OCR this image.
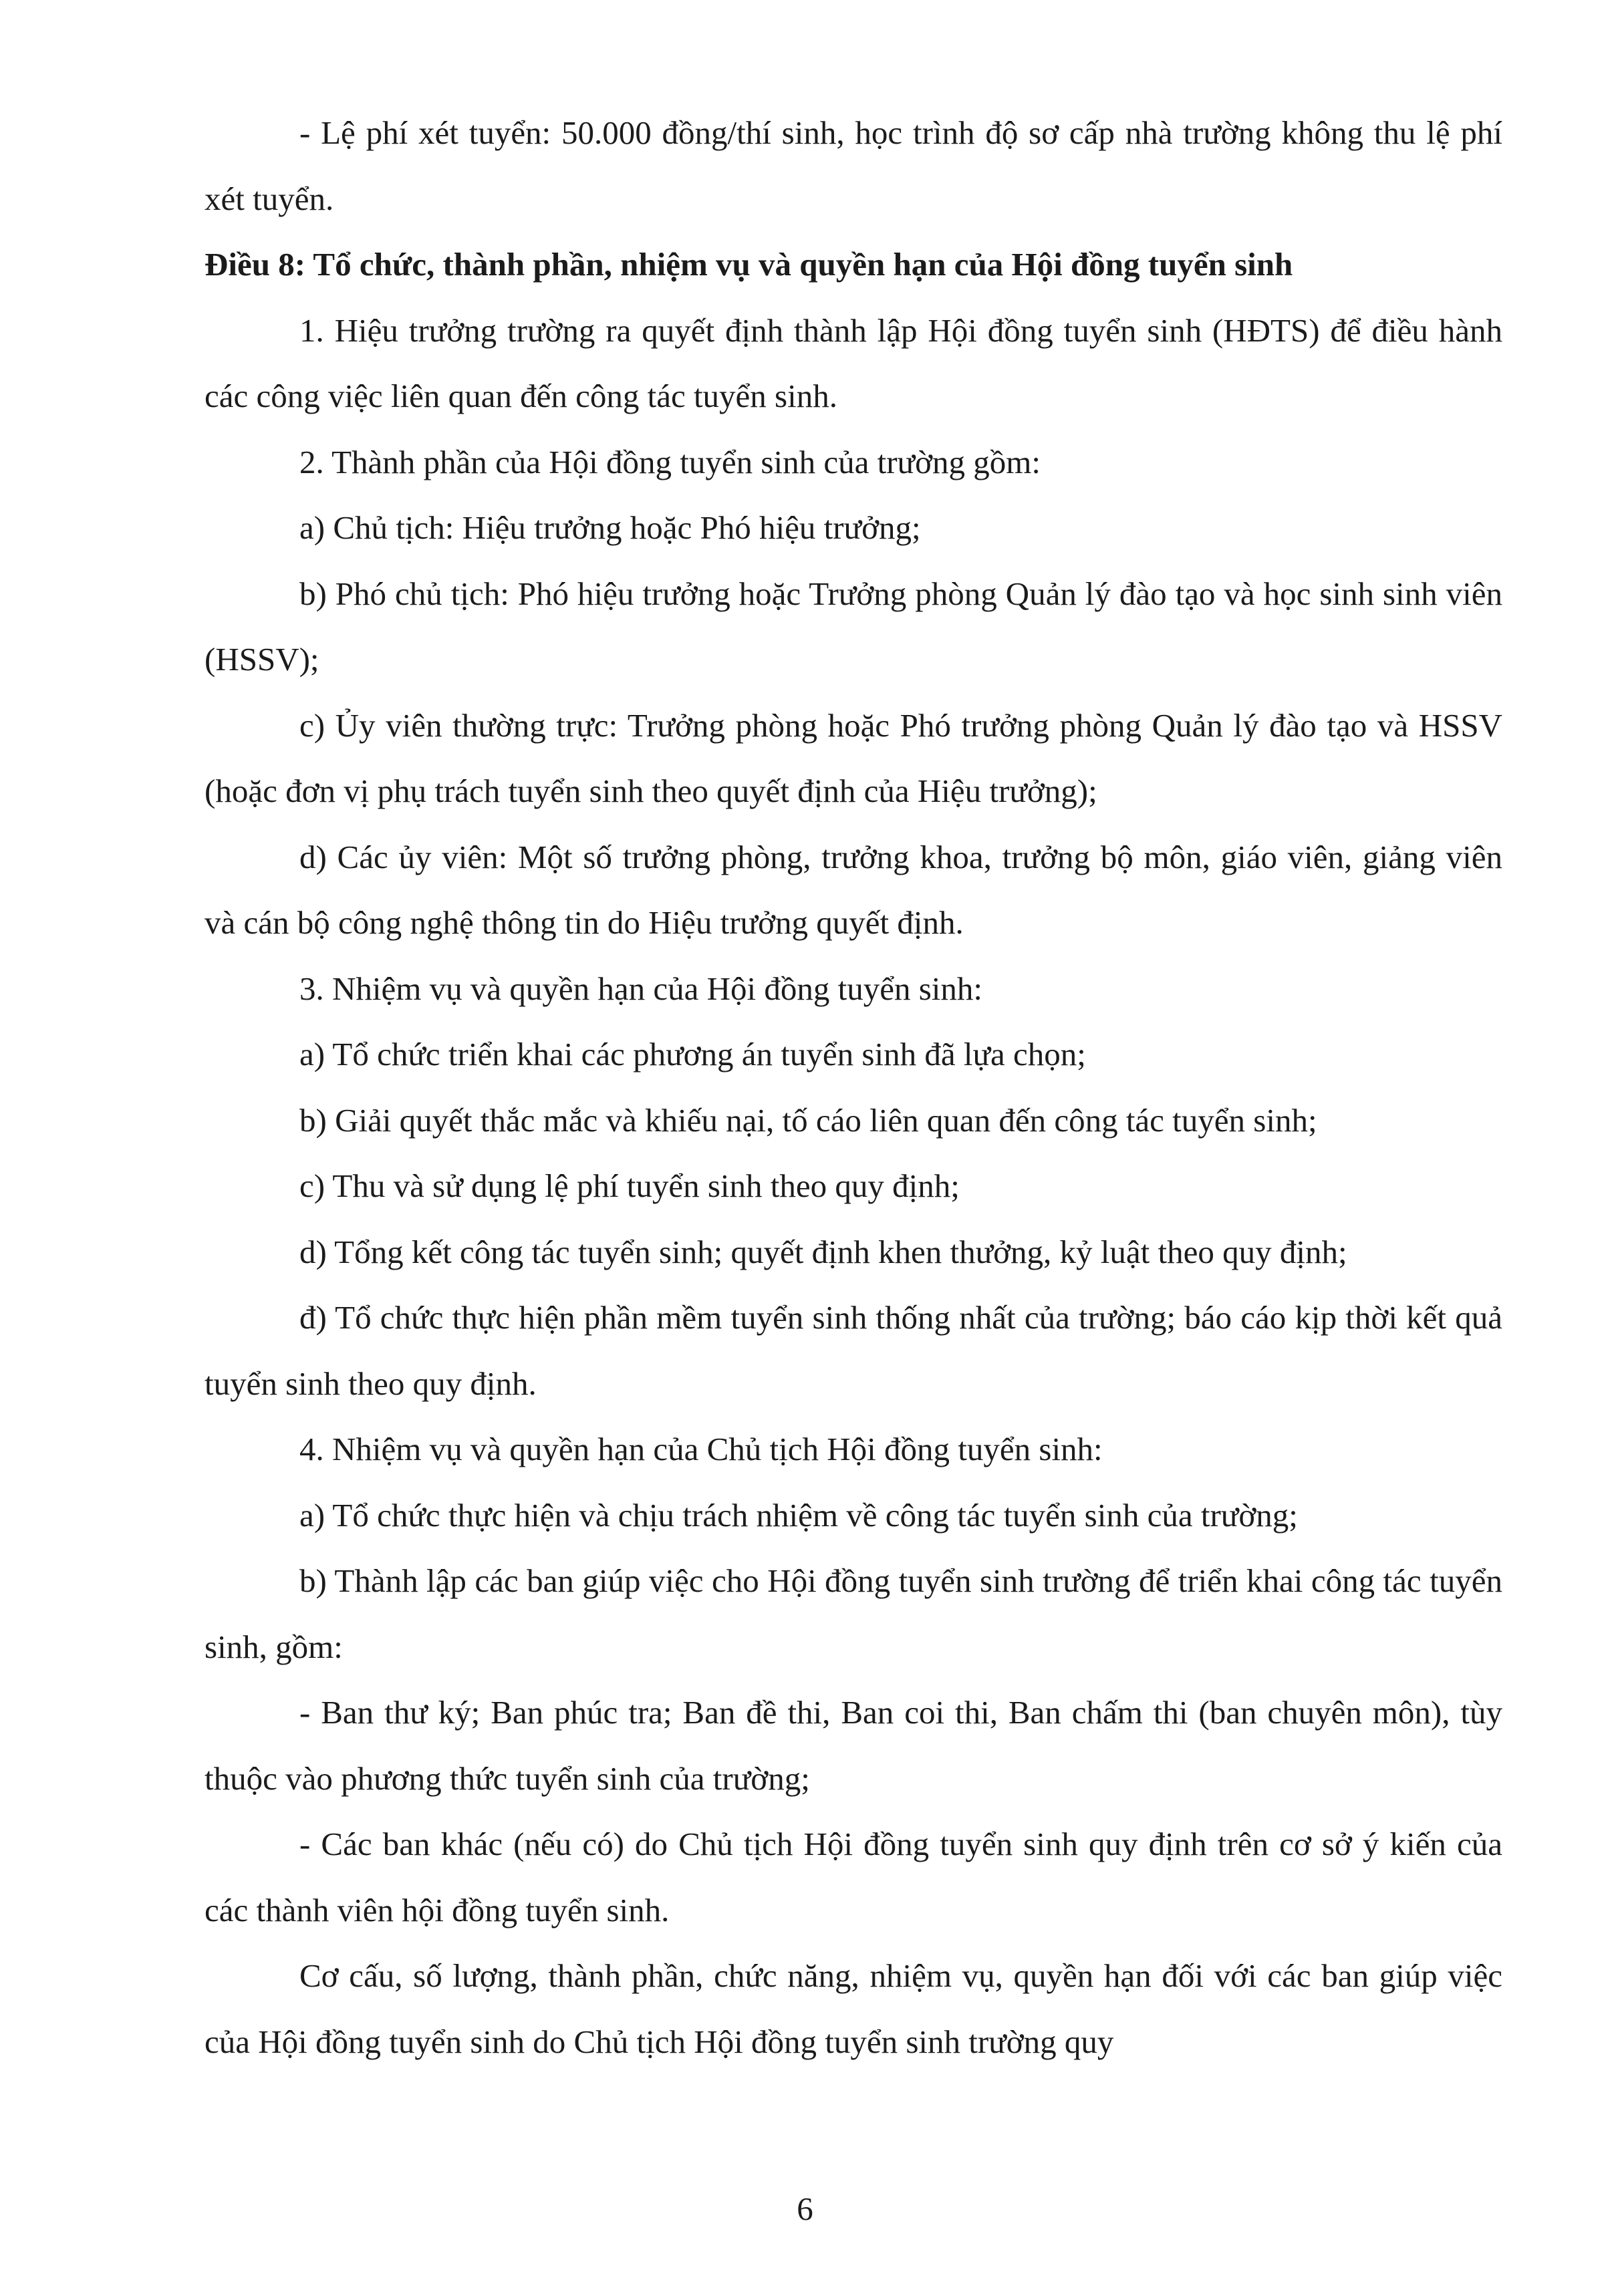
- Lệ phí xét tuyển: 50.000 đồng/thí sinh, học trình độ sơ cấp nhà trường không thu lệ phí xét tuyển.

Điều 8: Tổ chức, thành phần, nhiệm vụ và quyền hạn của Hội đồng tuyển sinh

1. Hiệu trưởng trường ra quyết định thành lập Hội đồng tuyển sinh (HĐTS) để điều hành các công việc liên quan đến công tác tuyển sinh.

2. Thành phần của Hội đồng tuyển sinh của trường gồm:

a) Chủ tịch: Hiệu trưởng hoặc Phó hiệu trưởng;

b) Phó chủ tịch: Phó hiệu trưởng hoặc Trưởng phòng Quản lý đào tạo và học sinh sinh viên (HSSV);

c) Ủy viên thường trực: Trưởng phòng hoặc Phó trưởng phòng Quản lý đào tạo và HSSV (hoặc đơn vị phụ trách tuyển sinh theo quyết định của Hiệu trưởng);

d) Các ủy viên: Một số trưởng phòng, trưởng khoa, trưởng bộ môn, giáo viên, giảng viên và cán bộ công nghệ thông tin do Hiệu trưởng quyết định.

3. Nhiệm vụ và quyền hạn của Hội đồng tuyển sinh:

a) Tổ chức triển khai các phương án tuyển sinh đã lựa chọn;

b) Giải quyết thắc mắc và khiếu nại, tố cáo liên quan đến công tác tuyển sinh;

c) Thu và sử dụng lệ phí tuyển sinh theo quy định;

d) Tổng kết công tác tuyển sinh; quyết định khen thưởng, kỷ luật theo quy định;

đ) Tổ chức thực hiện phần mềm tuyển sinh thống nhất của trường; báo cáo kịp thời kết quả tuyển sinh theo quy định.

4. Nhiệm vụ và quyền hạn của Chủ tịch Hội đồng tuyển sinh:

a) Tổ chức thực hiện và chịu trách nhiệm về công tác tuyển sinh của trường;

b) Thành lập các ban giúp việc cho Hội đồng tuyển sinh trường để triển khai công tác tuyển sinh, gồm:

- Ban thư ký; Ban phúc tra; Ban đề thi, Ban coi thi, Ban chấm thi (ban chuyên môn), tùy thuộc vào phương thức tuyển sinh của trường;

- Các ban khác (nếu có) do Chủ tịch Hội đồng tuyển sinh quy định trên cơ sở ý kiến của các thành viên hội đồng tuyển sinh.

Cơ cấu, số lượng, thành phần, chức năng, nhiệm vụ, quyền hạn đối với các ban giúp việc của Hội đồng tuyển sinh do Chủ tịch Hội đồng tuyển sinh trường quy

6
